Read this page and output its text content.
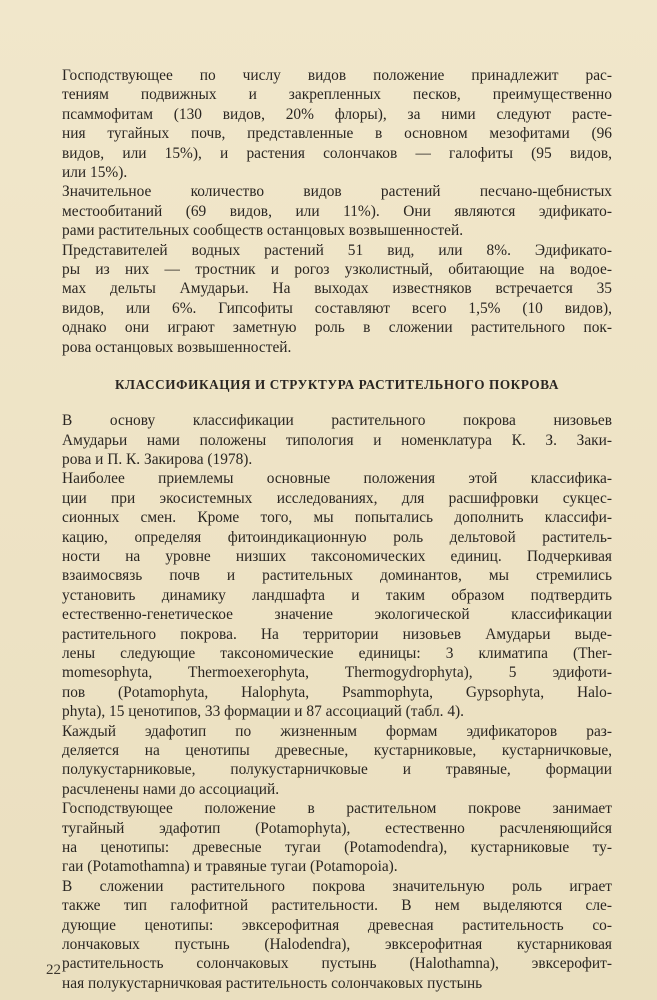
Господствующее по числу видов положение принадлежит рас-
тениям подвижных и закрепленных песков, преимущественно
псаммофитам (130 видов, 20% флоры), за ними следуют расте-
ния тугайных почв, представленные в основном мезофитами (96
видов, или 15%), и растения солончаков — галофиты (95 видов,
или 15%).

Значительное количество видов растений песчано-щебнистых
местообитаний (69 видов, или 11%). Они являются эдификато-
рами растительных сообществ останцовых возвышенностей.

Представителей водных растений 51 вид, или 8%. Эдификато-
ры из них — тростник и рогоз узколистный, обитающие на водое-
мах дельты Амударьи. На выходах известняков встречается 35
видов, или 6%. Гипсофиты составляют всего 1,5% (10 видов),
однако они играют заметную роль в сложении растительного пок-
рова останцовых возвышенностей.

КЛАССИФИКАЦИЯ И СТРУКТУРА РАСТИТЕЛЬНОГО ПОКРОВА

В основу классификации растительного покрова низовьев
Амударьи нами положены типология и номенклатура К. З. Заки-
рова и П. К. Закирова (1978).

Наиболее приемлемы основные положения этой классифика-
ции при экосистемных исследованиях, для расшифровки сукцес-
сионных смен. Кроме того, мы попытались дополнить классифи-
кацию, определяя фитоиндикационную роль дельтовой раститель-
ности на уровне низших таксономических единиц. Подчеркивая
взаимосвязь почв и растительных доминантов, мы стремились
установить динамику ландшафта и таким образом подтвердить
естественно-генетическое значение экологической классификации
растительного покрова. На территории низовьев Амударьи выде-
лены следующие таксономические единицы: 3 климатипа (Ther-
momesophyta, Thermoexerophyta, Thermogydrophyta), 5 эдифоти-
пов (Potamophyta, Halophyta, Psammophyta, Gypsophyta, Halo-
phyta), 15 ценотипов, 33 формации и 87 ассоциаций (табл. 4).

Каждый эдафотип по жизненным формам эдификаторов раз-
деляется на ценотипы древесные, кустарниковые, кустарничковые,
полукустарниковые, полукустарничковые и травяные, формации
расчленены нами до ассоциаций.

Господствующее положение в растительном покрове занимает
тугайный эдафотип (Potamophyta), естественно расчленяющийся
на ценотипы: древесные тугаи (Potamodendra), кустарниковые ту-
гаи (Potamothamna) и травяные тугаи (Potamopoia).

В сложении растительного покрова значительную роль играет
также тип галофитной растительности. В нем выделяются сле-
дующие ценотипы: эвксерофитная древесная растительность со-
лончаковых пустынь (Halodendra), эвксерофитная кустарниковая
растительность солончаковых пустынь (Halothamna), эвксерофит-
ная полукустарничковая растительность солончаковых пустынь

22
